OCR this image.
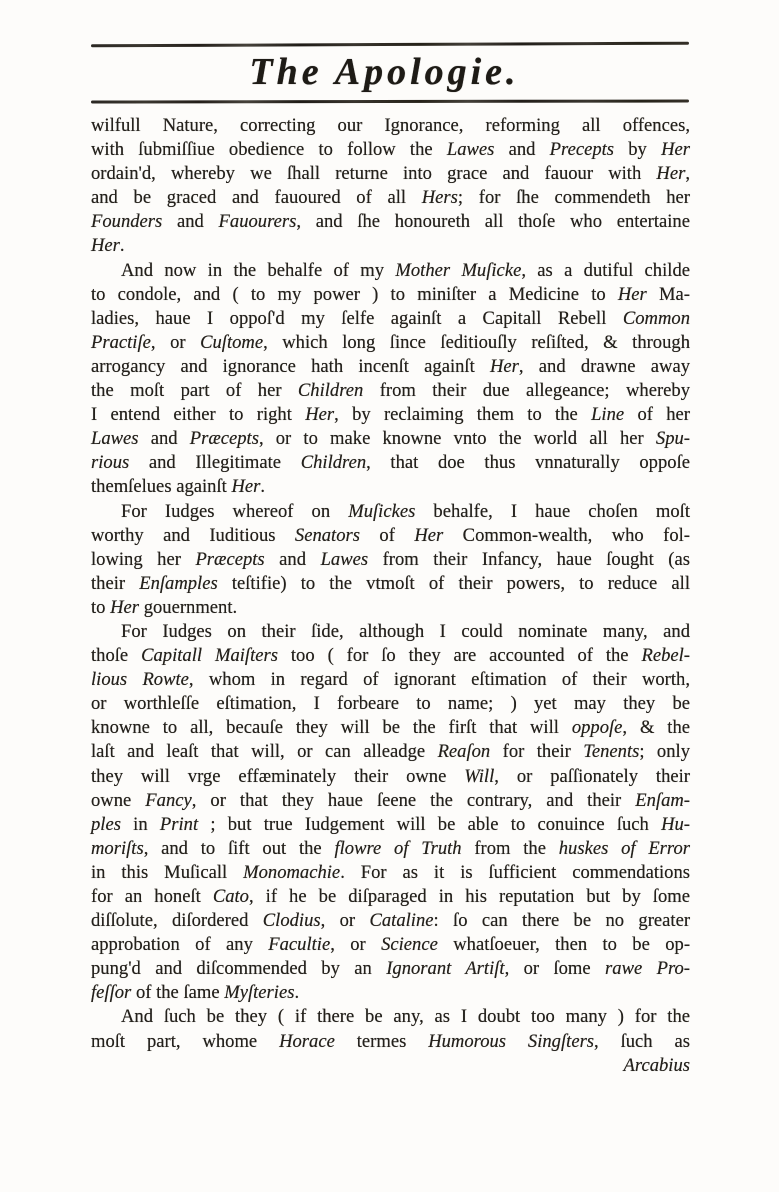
The Apologie.

wilfull Nature, correcting our Ignorance, reforming all offences,
with ſubmiſſiue obedience to follow the Lawes and Precepts by Her
ordain'd, whereby we ſhall returne into grace and fauour with Her,
and be graced and fauoured of all Hers; for ſhe commendeth her
Founders and Fauourers, and ſhe honoureth all thoſe who entertaine
Her.

And now in the behalfe of my Mother Muſicke, as a dutiful childe
to condole, and ( to my power ) to miniſter a Medicine to Her Ma-
ladies, haue I oppoſ'd my ſelfe againſt a Capitall Rebell Common
Practiſe, or Cuſtome, which long ſince ſeditiouſly reſiſted, & through
arrogancy and ignorance hath incenſt againſt Her, and drawne away
the moſt part of her Children from their due allegeance; whereby
I entend either to right Her, by reclaiming them to the Line of her
Lawes and Præcepts, or to make knowne vnto the world all her Spu-
rious and Illegitimate Children, that doe thus vnnaturally oppoſe
themſelues againſt Her.

For Iudges whereof on Muſickes behalfe, I haue choſen moſt
worthy and Iuditious Senators of Her Common-wealth, who fol-
lowing her Præcepts and Lawes from their Infancy, haue ſought (as
their Enſamples teſtifie) to the vtmoſt of their powers, to reduce all
to Her gouernment.

For Iudges on their ſide, although I could nominate many, and
thoſe Capitall Maiſters too ( for ſo they are accounted of the Rebel-
lious Rowte, whom in regard of ignorant eſtimation of their worth,
or worthleſſe eſtimation, I forbeare to name; ) yet may they be
knowne to all, becauſe they will be the firſt that will oppoſe, & the
laſt and leaſt that will, or can alleadge Reaſon for their Tenents; only
they will vrge effæminately their owne Will, or paſſionately their
owne Fancy, or that they haue ſeene the contrary, and their Enſam-
ples in Print ; but true Iudgement will be able to conuince ſuch Hu-
moriſts, and to ſift out the flowre of Truth from the huskes of Error
in this Muſicall Monomachie. For as it is ſufficient commendations
for an honeſt Cato, if he be diſparaged in his reputation but by ſome
diſſolute, diſordered Clodius, or Cataline: ſo can there be no greater
approbation of any Facultie, or Science whatſoeuer, then to be op-
pung'd and diſcommended by an Ignorant Artiſt, or ſome rawe Pro-
feſſor of the ſame Myſteries.

And ſuch be they ( if there be any, as I doubt too many ) for the
moſt part, whome Horace termes Humorous Singſters, ſuch as

Arcabius
